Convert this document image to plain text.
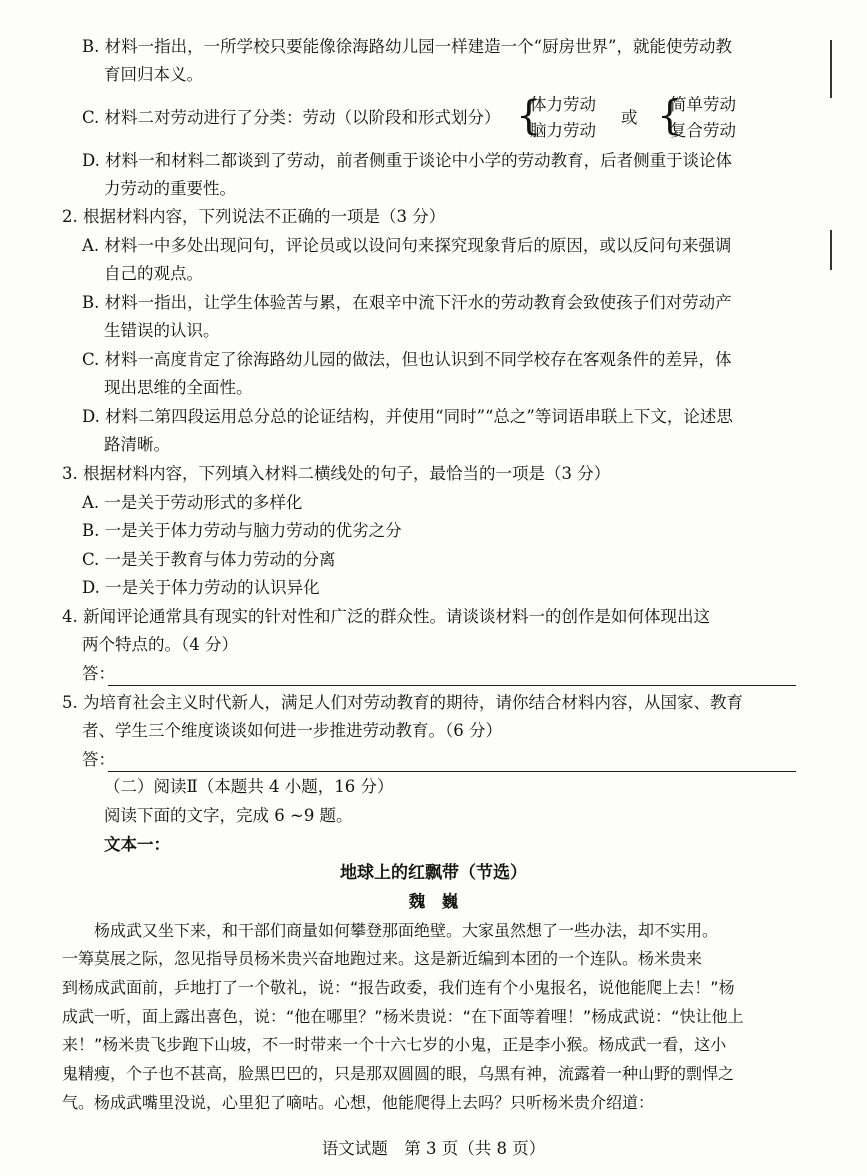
B. 材料一指出，一所学校只要能像徐海路幼儿园一样建造一个“厨房世界”，就能使劳动教
育回归本义。
C. 材料二对劳动进行了分类：劳动（以阶段和形式划分） {
体力劳动
脑力劳动
或 {
简单劳动
复合劳动
D. 材料一和材料二都谈到了劳动，前者侧重于谈论中小学的劳动教育，后者侧重于谈论体
力劳动的重要性。
2. 根据材料内容，下列说法不正确的一项是（3 分）
A. 材料一中多处出现问句，评论员或以设问句来探究现象背后的原因，或以反问句来强调
自己的观点。
B. 材料一指出，让学生体验苦与累，在艰辛中流下汗水的劳动教育会致使孩子们对劳动产
生错误的认识。
C. 材料一高度肯定了徐海路幼儿园的做法，但也认识到不同学校存在客观条件的差异，体
现出思维的全面性。
D. 材料二第四段运用总分总的论证结构，并使用“同时”“总之”等词语串联上下文，论述思
路清晰。
3. 根据材料内容，下列填入材料二横线处的句子，最恰当的一项是（3 分）
A. 一是关于劳动形式的多样化
B. 一是关于体力劳动与脑力劳动的优劣之分
C. 一是关于教育与体力劳动的分离
D. 一是关于体力劳动的认识异化
4. 新闻评论通常具有现实的针对性和广泛的群众性。请谈谈材料一的创作是如何体现出这
两个特点的。（4 分）
答：
5. 为培育社会主义时代新人，满足人们对劳动教育的期待，请你结合材料内容，从国家、教育
者、学生三个维度谈谈如何进一步推进劳动教育。（6 分）
答：
（二）阅读Ⅱ（本题共 4 小题，16 分）
阅读下面的文字，完成 6 ~9 题。
文本一：
地球上的红飘带（节选）
魏　巍
　　杨成武又坐下来，和干部们商量如何攀登那面绝壁。大家虽然想了一些办法，却不实用。
一筹莫展之际，忽见指导员杨米贵兴奋地跑过来。这是新近编到本团的一个连队。杨米贵来
到杨成武面前，乒地打了一个敬礼，说：“报告政委，我们连有个小鬼报名，说他能爬上去！”杨
成武一听，面上露出喜色，说：“他在哪里？”杨米贵说：“在下面等着哩！”杨成武说：“快让他上
来！”杨米贵飞步跑下山坡，不一时带来一个十六七岁的小鬼，正是李小猴。杨成武一看，这小
鬼精瘦，个子也不甚高，脸黑巴巴的，只是那双圆圆的眼，乌黑有神，流露着一种山野的剽悍之
气。杨成武嘴里没说，心里犯了嘀咕。心想，他能爬得上去吗？只听杨米贵介绍道：
语文试题　第 3 页（共 8 页）
